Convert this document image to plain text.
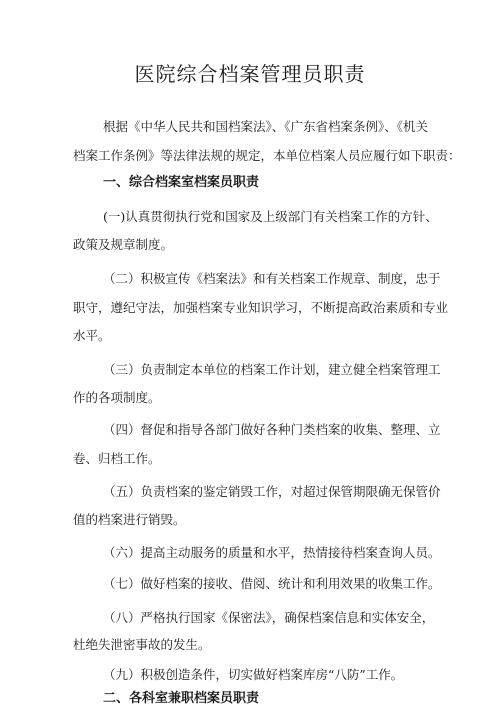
医院综合档案管理员职责
根据《中华人民共和国档案法》、《广东省档案条例》、《机关
档案工作条例》等法律法规的规定，本单位档案人员应履行如下职责：
一、综合档案室档案员职责
(一)认真贯彻执行党和国家及上级部门有关档案工作的方针、
政策及规章制度。
（二）积极宣传《档案法》和有关档案工作规章、制度，忠于
职守，遵纪守法，加强档案专业知识学习，不断提高政治素质和专业
水平。
（三）负责制定本单位的档案工作计划，建立健全档案管理工
作的各项制度。
（四）督促和指导各部门做好各种门类档案的收集、整理、立
卷、归档工作。
（五）负责档案的鉴定销毁工作，对超过保管期限确无保管价
值的档案进行销毁。
（六）提高主动服务的质量和水平，热情接待档案查询人员。
（七）做好档案的接收、借阅、统计和利用效果的收集工作。
（八）严格执行国家《保密法》，确保档案信息和实体安全，
杜绝失泄密事故的发生。
（九）积极创造条件，切实做好档案库房“八防”工作。
二、各科室兼职档案员职责
